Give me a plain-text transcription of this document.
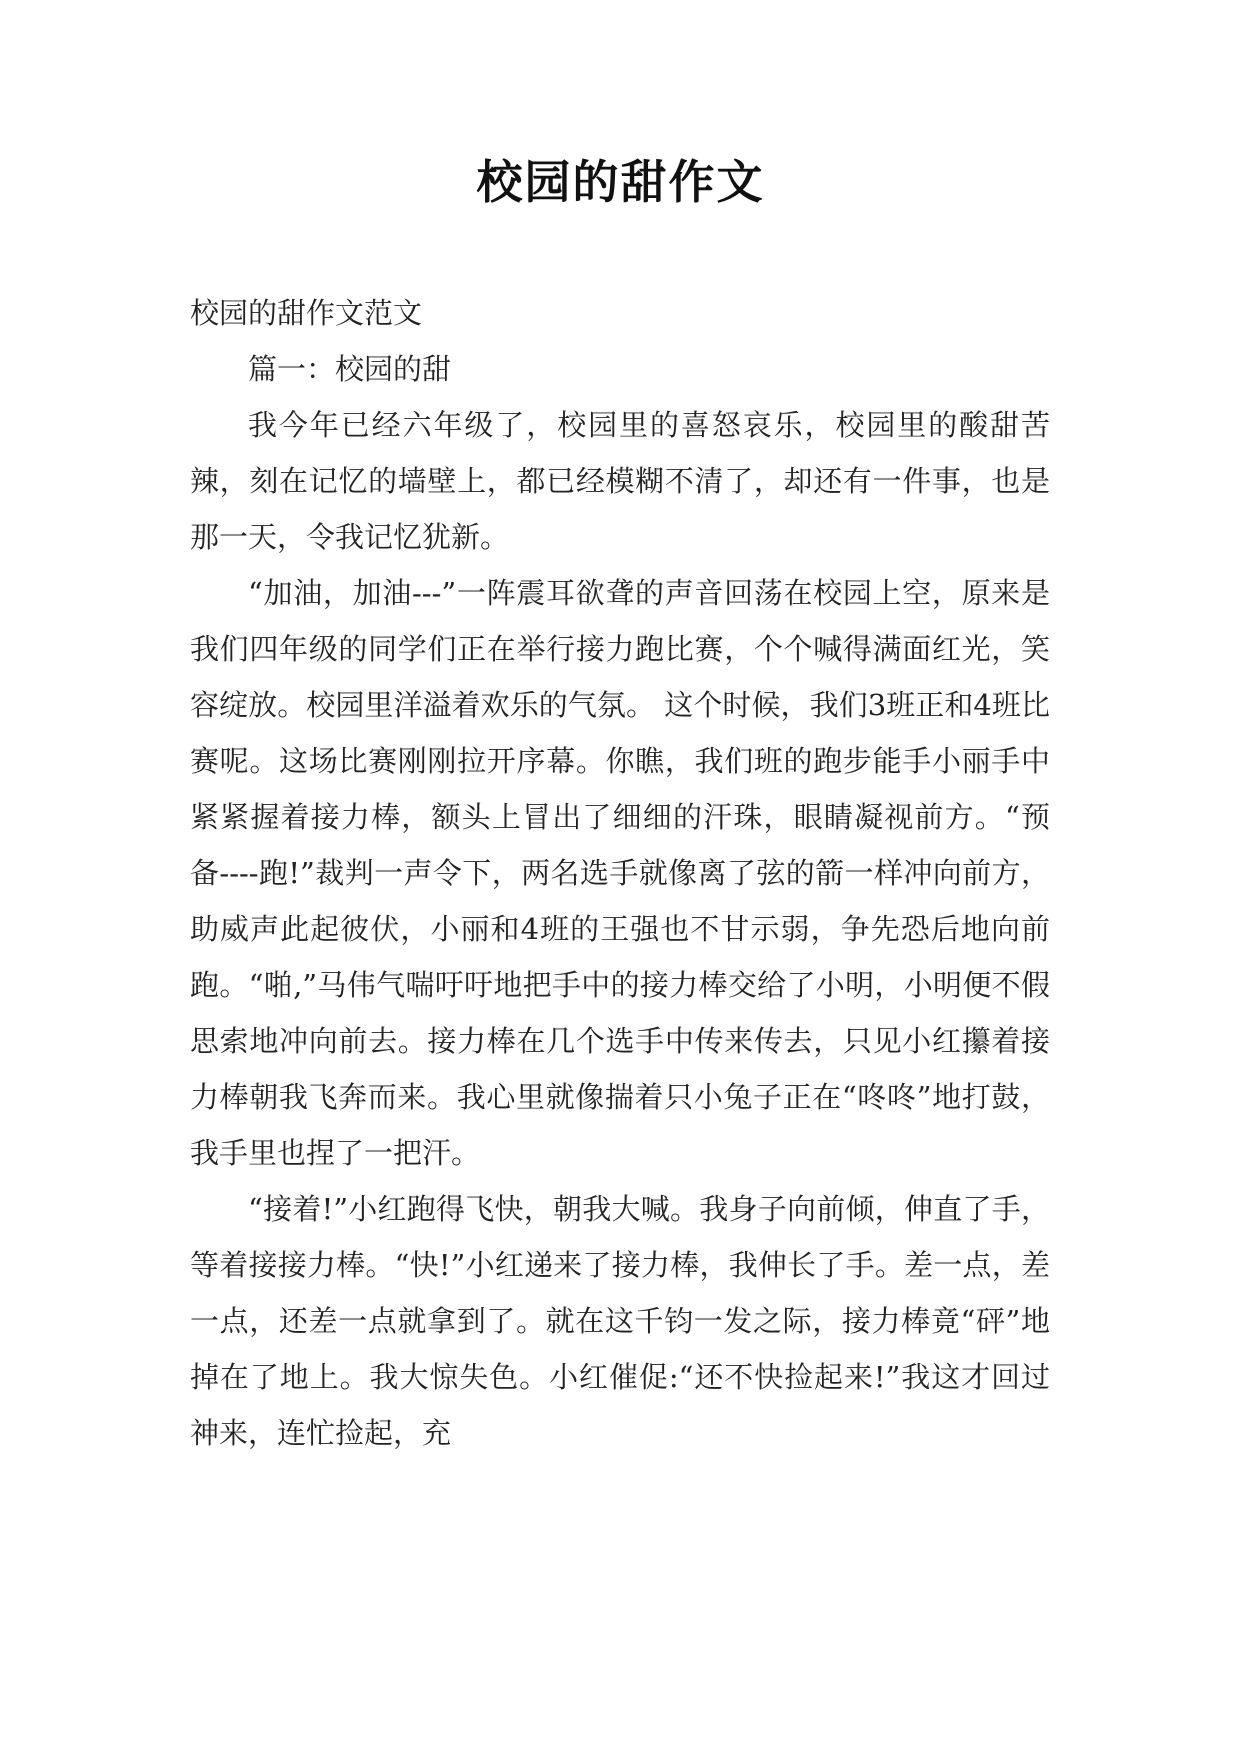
校园的甜作文

校园的甜作文范文

篇一：校园的甜

我今年已经六年级了，校园里的喜怒哀乐，校园里的酸甜苦辣，刻在记忆的墙壁上，都已经模糊不清了，却还有一件事，也是那一天，令我记忆犹新。

“加油，加油---”一阵震耳欲聋的声音回荡在校园上空，原来是我们四年级的同学们正在举行接力跑比赛，个个喊得满面红光，笑容绽放。校园里洋溢着欢乐的气氛。 这个时候，我们3班正和4班比赛呢。这场比赛刚刚拉开序幕。你瞧，我们班的跑步能手小丽手中紧紧握着接力棒，额头上冒出了细细的汗珠，眼睛凝视前方。“预备----跑!”裁判一声令下，两名选手就像离了弦的箭一样冲向前方，助威声此起彼伏，小丽和4班的王强也不甘示弱，争先恐后地向前跑。“啪,”马伟气喘吁吁地把手中的接力棒交给了小明，小明便不假思索地冲向前去。接力棒在几个选手中传来传去，只见小红攥着接力棒朝我飞奔而来。我心里就像揣着只小兔子正在“咚咚”地打鼓，我手里也捏了一把汗。

“接着!”小红跑得飞快，朝我大喊。我身子向前倾，伸直了手，等着接接力棒。“快!”小红递来了接力棒，我伸长了手。差一点，差一点，还差一点就拿到了。就在这千钧一发之际，接力棒竟“砰”地掉在了地上。我大惊失色。小红催促:“还不快捡起来!”我这才回过神来，连忙捡起，充
